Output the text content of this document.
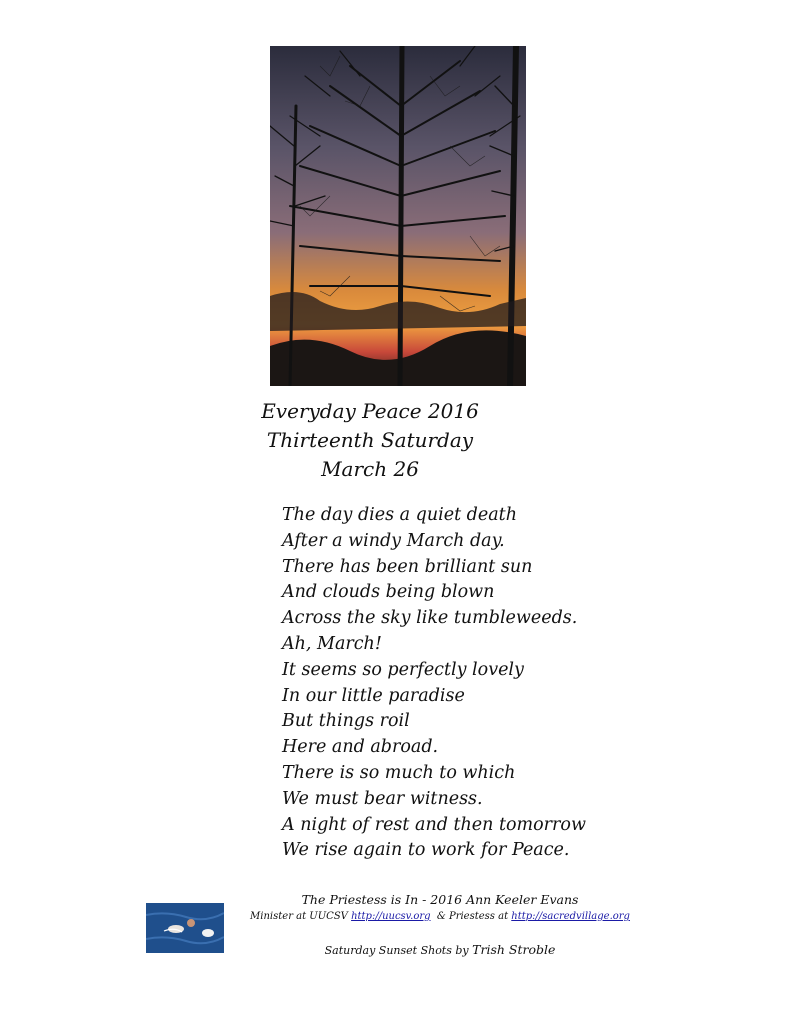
Everyday Peace 2016
Thirteenth Saturday
March 26
The day dies a quiet death
After a windy March day.
There has been brilliant sun
And clouds being blown
Across the sky like tumbleweeds.
Ah, March!
It seems so perfectly lovely
In our little paradise
But things roil
Here and abroad.
There is so much to which
We must bear witness.
A night of rest and then tomorrow
We rise again to work for Peace.
The Priestess is In - 2016 Ann Keeler Evans
Minister at UUCSV http://uucsv.org  & Priestess at http://sacredvillage.org
Saturday Sunset Shots by Trish Stroble
